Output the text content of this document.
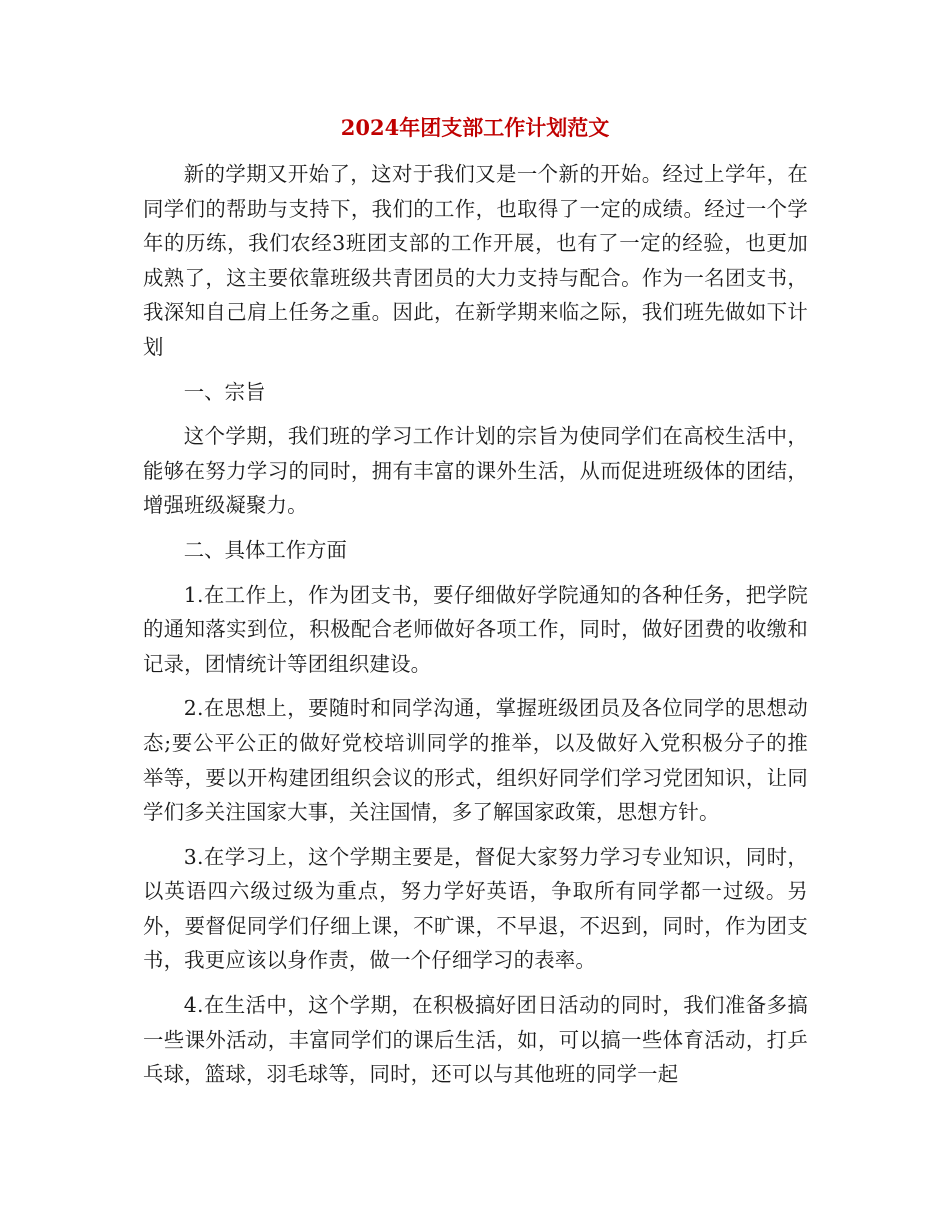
2024年团支部工作计划范文

新的学期又开始了，这对于我们又是一个新的开始。经过上学年，在同学们的帮助与支持下，我们的工作，也取得了一定的成绩。经过一个学年的历练，我们农经3班团支部的工作开展，也有了一定的经验，也更加成熟了，这主要依靠班级共青团员的大力支持与配合。作为一名团支书，我深知自己肩上任务之重。因此，在新学期来临之际，我们班先做如下计划

一、宗旨

这个学期，我们班的学习工作计划的宗旨为使同学们在高校生活中，能够在努力学习的同时，拥有丰富的课外生活，从而促进班级体的团结，增强班级凝聚力。

二、具体工作方面

1.在工作上，作为团支书，要仔细做好学院通知的各种任务，把学院的通知落实到位，积极配合老师做好各项工作，同时，做好团费的收缴和记录，团情统计等团组织建设。

2.在思想上，要随时和同学沟通，掌握班级团员及各位同学的思想动态;要公平公正的做好党校培训同学的推举，以及做好入党积极分子的推举等，要以开构建团组织会议的形式，组织好同学们学习党团知识，让同学们多关注国家大事，关注国情，多了解国家政策，思想方针。

3.在学习上，这个学期主要是，督促大家努力学习专业知识，同时，以英语四六级过级为重点，努力学好英语，争取所有同学都一过级。另外，要督促同学们仔细上课，不旷课，不早退，不迟到，同时，作为团支书，我更应该以身作责，做一个仔细学习的表率。

4.在生活中，这个学期，在积极搞好团日活动的同时，我们准备多搞一些课外活动，丰富同学们的课后生活，如，可以搞一些体育活动，打乒乓球，篮球，羽毛球等，同时，还可以与其他班的同学一起
